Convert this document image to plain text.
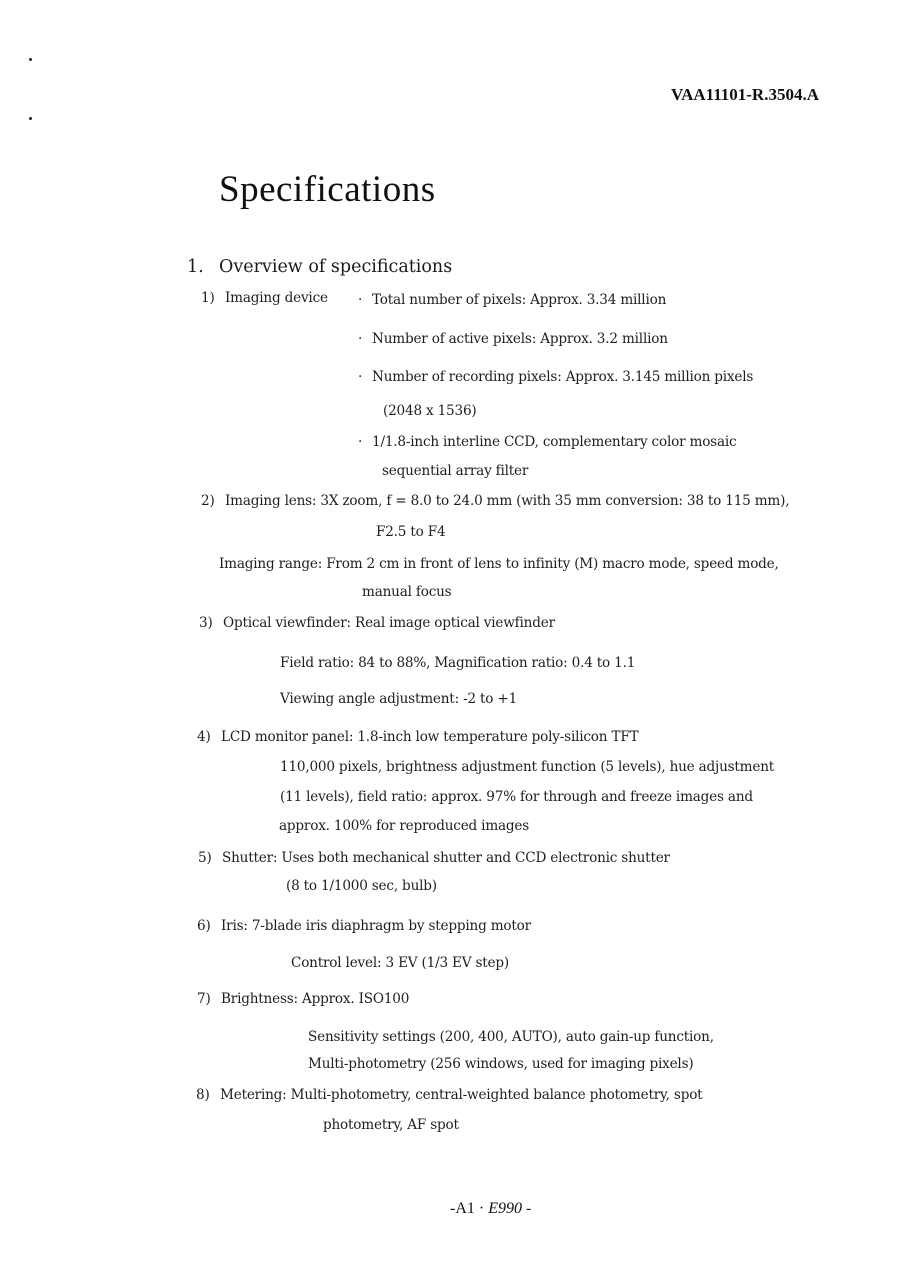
VAA11101-R.3504.A
Specifications
1. Overview of specifications
1) Imaging device · Total number of pixels: Approx. 3.34 million
· Number of active pixels: Approx. 3.2 million
· Number of recording pixels: Approx. 3.145 million pixels
(2048 x 1536)
· 1/1.8-inch interline CCD, complementary color mosaic
sequential array filter
2) Imaging lens: 3X zoom, f = 8.0 to 24.0 mm (with 35 mm conversion: 38 to 115 mm),
F2.5 to F4
Imaging range: From 2 cm in front of lens to infinity (M) macro mode, speed mode,
manual focus
3) Optical viewfinder: Real image optical viewfinder
Field ratio: 84 to 88%, Magnification ratio: 0.4 to 1.1
Viewing angle adjustment: -2 to +1
4) LCD monitor panel: 1.8-inch low temperature poly-silicon TFT
110,000 pixels, brightness adjustment function (5 levels), hue adjustment
(11 levels), field ratio: approx. 97% for through and freeze images and
approx. 100% for reproduced images
5) Shutter: Uses both mechanical shutter and CCD electronic shutter
(8 to 1/1000 sec, bulb)
6) Iris: 7-blade iris diaphragm by stepping motor
Control level: 3 EV (1/3 EV step)
7) Brightness: Approx. ISO100
Sensitivity settings (200, 400, AUTO), auto gain-up function,
Multi-photometry (256 windows, used for imaging pixels)
8) Metering: Multi-photometry, central-weighted balance photometry, spot
photometry, AF spot
-A1 · E990 -
